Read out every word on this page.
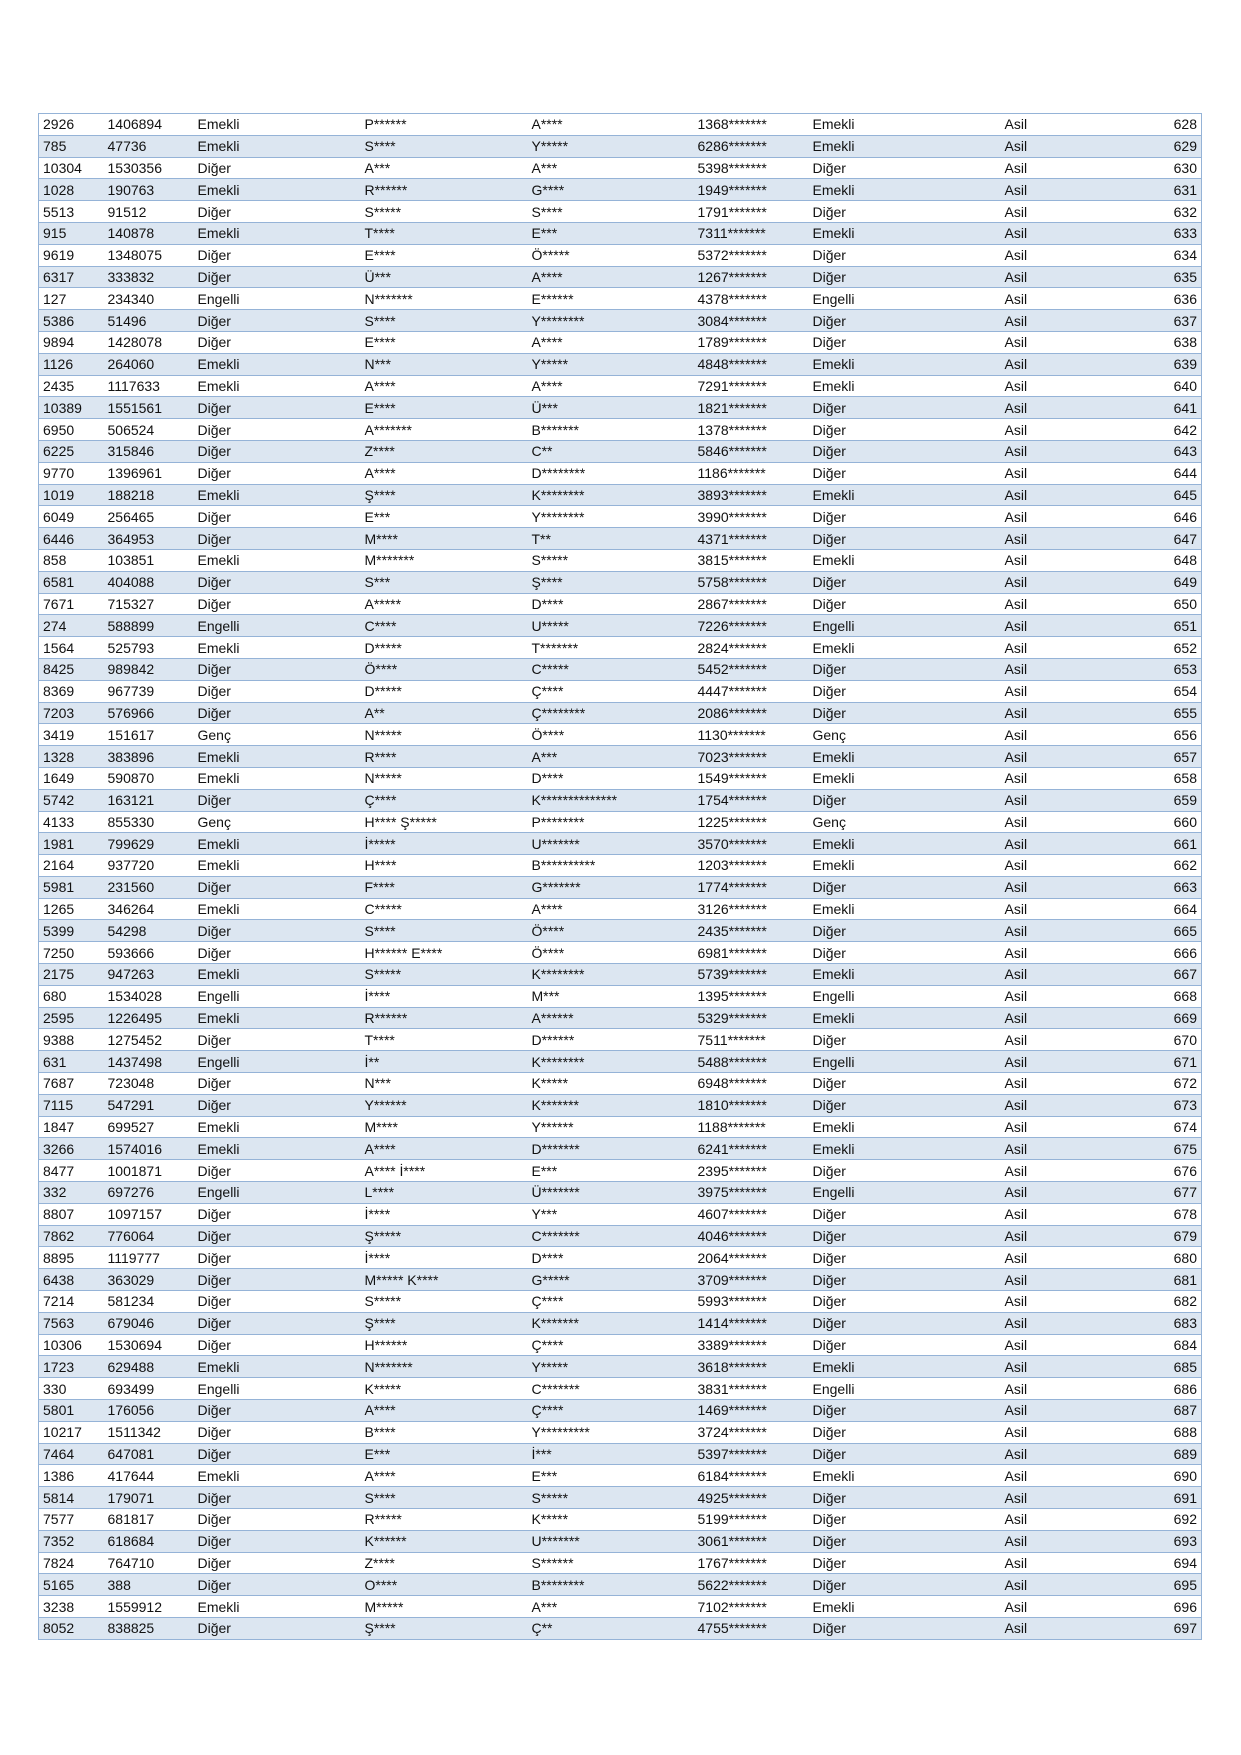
2926	1406894	Emekli	P******	A****	1368*******	Emekli	Asil	628
785	47736	Emekli	S****	Y*****	6286*******	Emekli	Asil	629
10304	1530356	Diğer	A***	A***	5398*******	Diğer	Asil	630
1028	190763	Emekli	R******	G****	1949*******	Emekli	Asil	631
5513	91512	Diğer	S*****	S****	1791*******	Diğer	Asil	632
915	140878	Emekli	T****	E***	7311*******	Emekli	Asil	633
9619	1348075	Diğer	E****	Ö*****	5372*******	Diğer	Asil	634
6317	333832	Diğer	Ü***	A****	1267*******	Diğer	Asil	635
127	234340	Engelli	N*******	E******	4378*******	Engelli	Asil	636
5386	51496	Diğer	S****	Y********	3084*******	Diğer	Asil	637
9894	1428078	Diğer	E****	A****	1789*******	Diğer	Asil	638
1126	264060	Emekli	N***	Y*****	4848*******	Emekli	Asil	639
2435	1117633	Emekli	A****	A****	7291*******	Emekli	Asil	640
10389	1551561	Diğer	E****	Ü***	1821*******	Diğer	Asil	641
6950	506524	Diğer	A*******	B*******	1378*******	Diğer	Asil	642
6225	315846	Diğer	Z****	C**	5846*******	Diğer	Asil	643
9770	1396961	Diğer	A****	D********	1186*******	Diğer	Asil	644
1019	188218	Emekli	Ş****	K********	3893*******	Emekli	Asil	645
6049	256465	Diğer	E***	Y********	3990*******	Diğer	Asil	646
6446	364953	Diğer	M****	T**	4371*******	Diğer	Asil	647
858	103851	Emekli	M*******	S*****	3815*******	Emekli	Asil	648
6581	404088	Diğer	S***	Ş****	5758*******	Diğer	Asil	649
7671	715327	Diğer	A*****	D****	2867*******	Diğer	Asil	650
274	588899	Engelli	C****	U*****	7226*******	Engelli	Asil	651
1564	525793	Emekli	D*****	T*******	2824*******	Emekli	Asil	652
8425	989842	Diğer	Ö****	C*****	5452*******	Diğer	Asil	653
8369	967739	Diğer	D*****	Ç****	4447*******	Diğer	Asil	654
7203	576966	Diğer	A**	Ç********	2086*******	Diğer	Asil	655
3419	151617	Genç	N*****	Ö****	1130*******	Genç	Asil	656
1328	383896	Emekli	R****	A***	7023*******	Emekli	Asil	657
1649	590870	Emekli	N*****	D****	1549*******	Emekli	Asil	658
5742	163121	Diğer	Ç****	K**************	1754*******	Diğer	Asil	659
4133	855330	Genç	H**** Ş*****	P********	1225*******	Genç	Asil	660
1981	799629	Emekli	İ*****	U*******	3570*******	Emekli	Asil	661
2164	937720	Emekli	H****	B**********	1203*******	Emekli	Asil	662
5981	231560	Diğer	F****	G*******	1774*******	Diğer	Asil	663
1265	346264	Emekli	C*****	A****	3126*******	Emekli	Asil	664
5399	54298	Diğer	S****	Ö****	2435*******	Diğer	Asil	665
7250	593666	Diğer	H****** E****	Ö****	6981*******	Diğer	Asil	666
2175	947263	Emekli	S*****	K********	5739*******	Emekli	Asil	667
680	1534028	Engelli	İ****	M***	1395*******	Engelli	Asil	668
2595	1226495	Emekli	R******	A******	5329*******	Emekli	Asil	669
9388	1275452	Diğer	T****	D******	7511*******	Diğer	Asil	670
631	1437498	Engelli	İ**	K********	5488*******	Engelli	Asil	671
7687	723048	Diğer	N***	K*****	6948*******	Diğer	Asil	672
7115	547291	Diğer	Y******	K*******	1810*******	Diğer	Asil	673
1847	699527	Emekli	M****	Y******	1188*******	Emekli	Asil	674
3266	1574016	Emekli	A****	D*******	6241*******	Emekli	Asil	675
8477	1001871	Diğer	A**** İ****	E***	2395*******	Diğer	Asil	676
332	697276	Engelli	L****	Ü*******	3975*******	Engelli	Asil	677
8807	1097157	Diğer	İ****	Y***	4607*******	Diğer	Asil	678
7862	776064	Diğer	Ş*****	C*******	4046*******	Diğer	Asil	679
8895	1119777	Diğer	İ****	D****	2064*******	Diğer	Asil	680
6438	363029	Diğer	M***** K****	G*****	3709*******	Diğer	Asil	681
7214	581234	Diğer	S*****	Ç****	5993*******	Diğer	Asil	682
7563	679046	Diğer	Ş****	K*******	1414*******	Diğer	Asil	683
10306	1530694	Diğer	H******	Ç****	3389*******	Diğer	Asil	684
1723	629488	Emekli	N*******	Y*****	3618*******	Emekli	Asil	685
330	693499	Engelli	K*****	C*******	3831*******	Engelli	Asil	686
5801	176056	Diğer	A****	Ç****	1469*******	Diğer	Asil	687
10217	1511342	Diğer	B****	Y*********	3724*******	Diğer	Asil	688
7464	647081	Diğer	E***	İ***	5397*******	Diğer	Asil	689
1386	417644	Emekli	A****	E***	6184*******	Emekli	Asil	690
5814	179071	Diğer	S****	S*****	4925*******	Diğer	Asil	691
7577	681817	Diğer	R*****	K*****	5199*******	Diğer	Asil	692
7352	618684	Diğer	K******	U*******	3061*******	Diğer	Asil	693
7824	764710	Diğer	Z****	S******	1767*******	Diğer	Asil	694
5165	388	Diğer	O****	B********	5622*******	Diğer	Asil	695
3238	1559912	Emekli	M*****	A***	7102*******	Emekli	Asil	696
8052	838825	Diğer	Ş****	Ç**	4755*******	Diğer	Asil	697
